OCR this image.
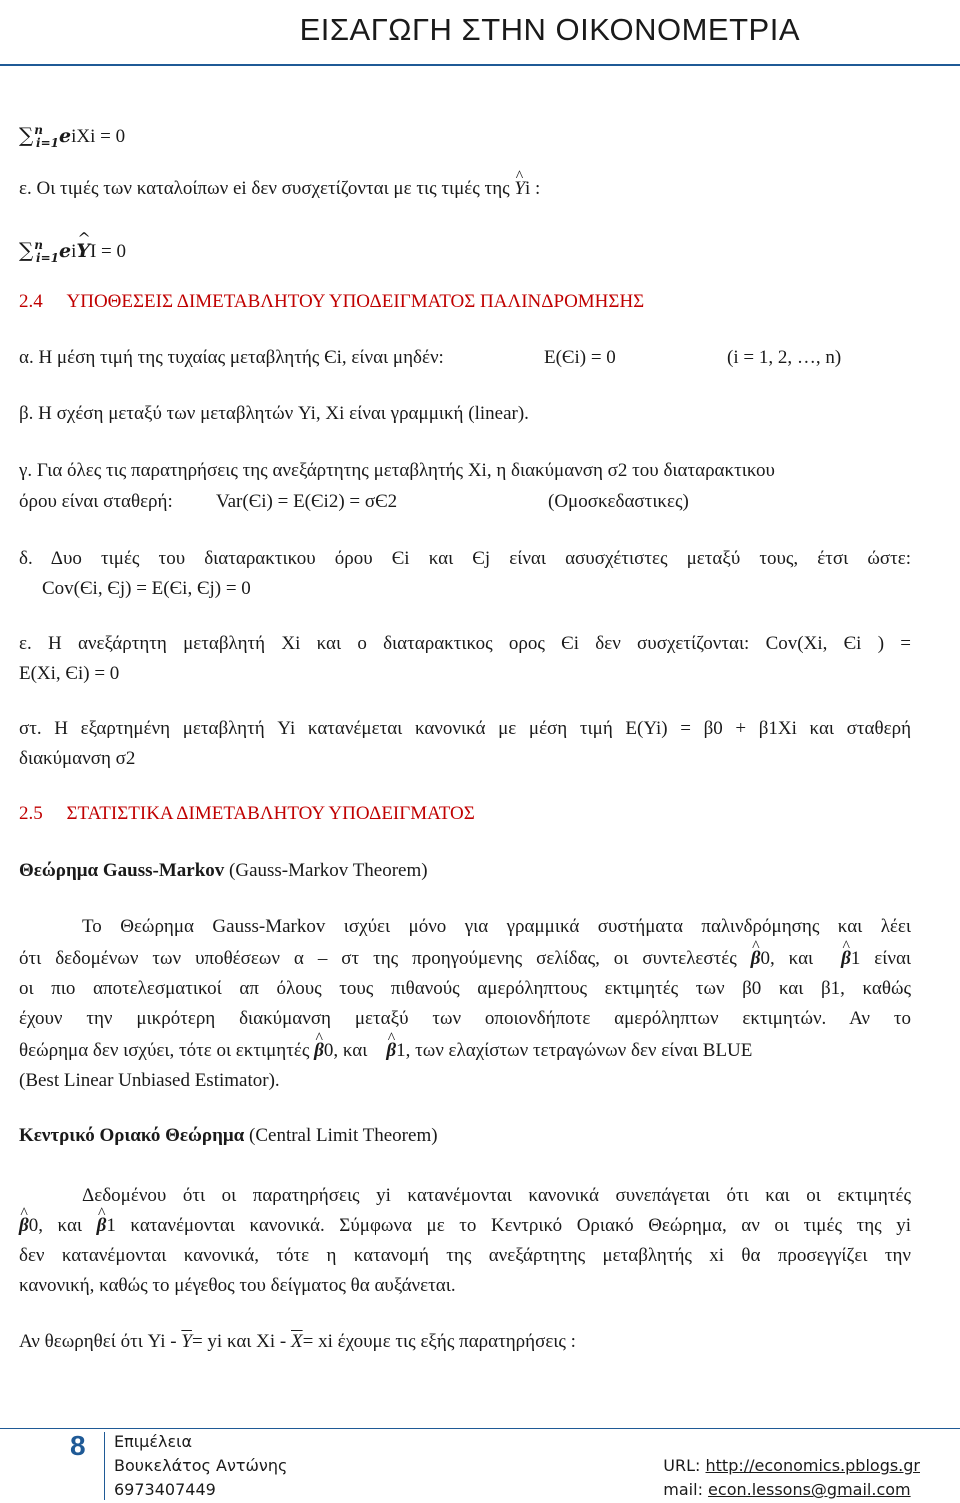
ΕΙΣΑΓΩΓΗ ΣΤΗΝ ΟΙΚΟΝΟΜΕΤΡΙΑ
∑$^n_{i=1}$eiXi = 0
ε. Οι τιμές των καταλοίπων ei δεν συσχετίζονται με τις τιμές της ^ Yi :
∑$^n_{i=1}$ei^ YI = 0
2.4 ΥΠΟΘΕΣΕΙΣ ΔΙΜΕΤΑΒΛΗΤΟΥ ΥΠΟΔΕΙΓΜΑΤΟΣ ΠΑΛΙΝΔΡΟΜΗΣΗΣ
α. Η μέση τιμή της τυχαίας μεταβλητής Єi, είναι μηδέν:	E(Єi) = 0	(i = 1, 2, …, n)
β. Η σχέση μεταξύ των μεταβλητών Yi, Xi είναι γραμμική (linear).
γ. Για όλες τις παρατηρήσεις της ανεξάρτητης μεταβλητής Xi, η διακύμανση σ2 του διαταρακτικου
όρου είναι σταθερή: Var(Єi) = E(Єi2) = σЄ2	(Ομοσκεδαστικες)
δ. Δυο τιμές του διαταρακτικου όρου Єi και Єj είναι ασυσχέτιστες μεταξύ τους, έτσι ώστε:
Cov(Єi, Єj) = E(Єi, Єj) = 0
ε. Η ανεξάρτητη μεταβλητή Xi και ο διαταρακτικος ορος Єi δεν συσχετίζονται: Cov(Xi, Єi ) =
E(Xi, Єi) = 0
στ. Η εξαρτημένη μεταβλητή Yi κατανέμεται κανονικά με μέση τιμή E(Yi) = β0 + β1Xi και σταθερή
διακύμανση σ2
2.5 ΣΤΑΤΙΣΤΙΚΑ ΔΙΜΕΤΑΒΛΗΤΟΥ ΥΠΟΔΕΙΓΜΑΤΟΣ
Θεώρημα Gauss-Markov (Gauss-Markov Theorem)
Το Θεώρημα Gauss-Markov ισχύει μόνο για γραμμικά συστήματα παλινδρόμησης και λέει
ότι δεδομένων των υποθέσεων α – στ της προηγούμενης σελίδας, οι συντελεστές ^ β0, και ^ β1 είναι
οι πιο αποτελεσματικοί απ όλους τους πιθανούς αμερόληπτους εκτιμητές των β0 και β1, καθώς
έχουν την μικρότερη διακύμανση μεταξύ των οποιονδήποτε αμερόληπτων εκτιμητών. Αν το
θεώρημα δεν ισχύει, τότε οι εκτιμητές ^ β0, και ^ β1, των ελαχίστων τετραγώνων δεν είναι BLUE
(Best Linear Unbiased Estimator).
Κεντρικό Οριακό Θεώρημα (Central Limit Theorem)
Δεδομένου ότι οι παρατηρήσεις yi κατανέμονται κανονικά συνεπάγεται ότι και οι εκτιμητές
^ β0, και ^ β1 κατανέμονται κανονικά. Σύμφωνα με το Κεντρικό Οριακό Θεώρημα, αν οι τιμές της yi
δεν κατανέμονται κανονικά, τότε η κατανομή της ανεξάρτητης μεταβλητής xi θα προσεγγίζει την
κανονική, καθώς το μέγεθος του δείγματος θα αυξάνεται.
Αν θεωρηθεί ότι $Yi - \overline{Y}=$ yi και $Xi - \overline{X}=$ xi έχουμε τις εξής παρατηρήσεις :
8 Επιμέλεια
Βουκελάτος Αντώνης
6973407449
URL: http://economics.pblogs.gr
mail: econ.lessons@gmail.com
